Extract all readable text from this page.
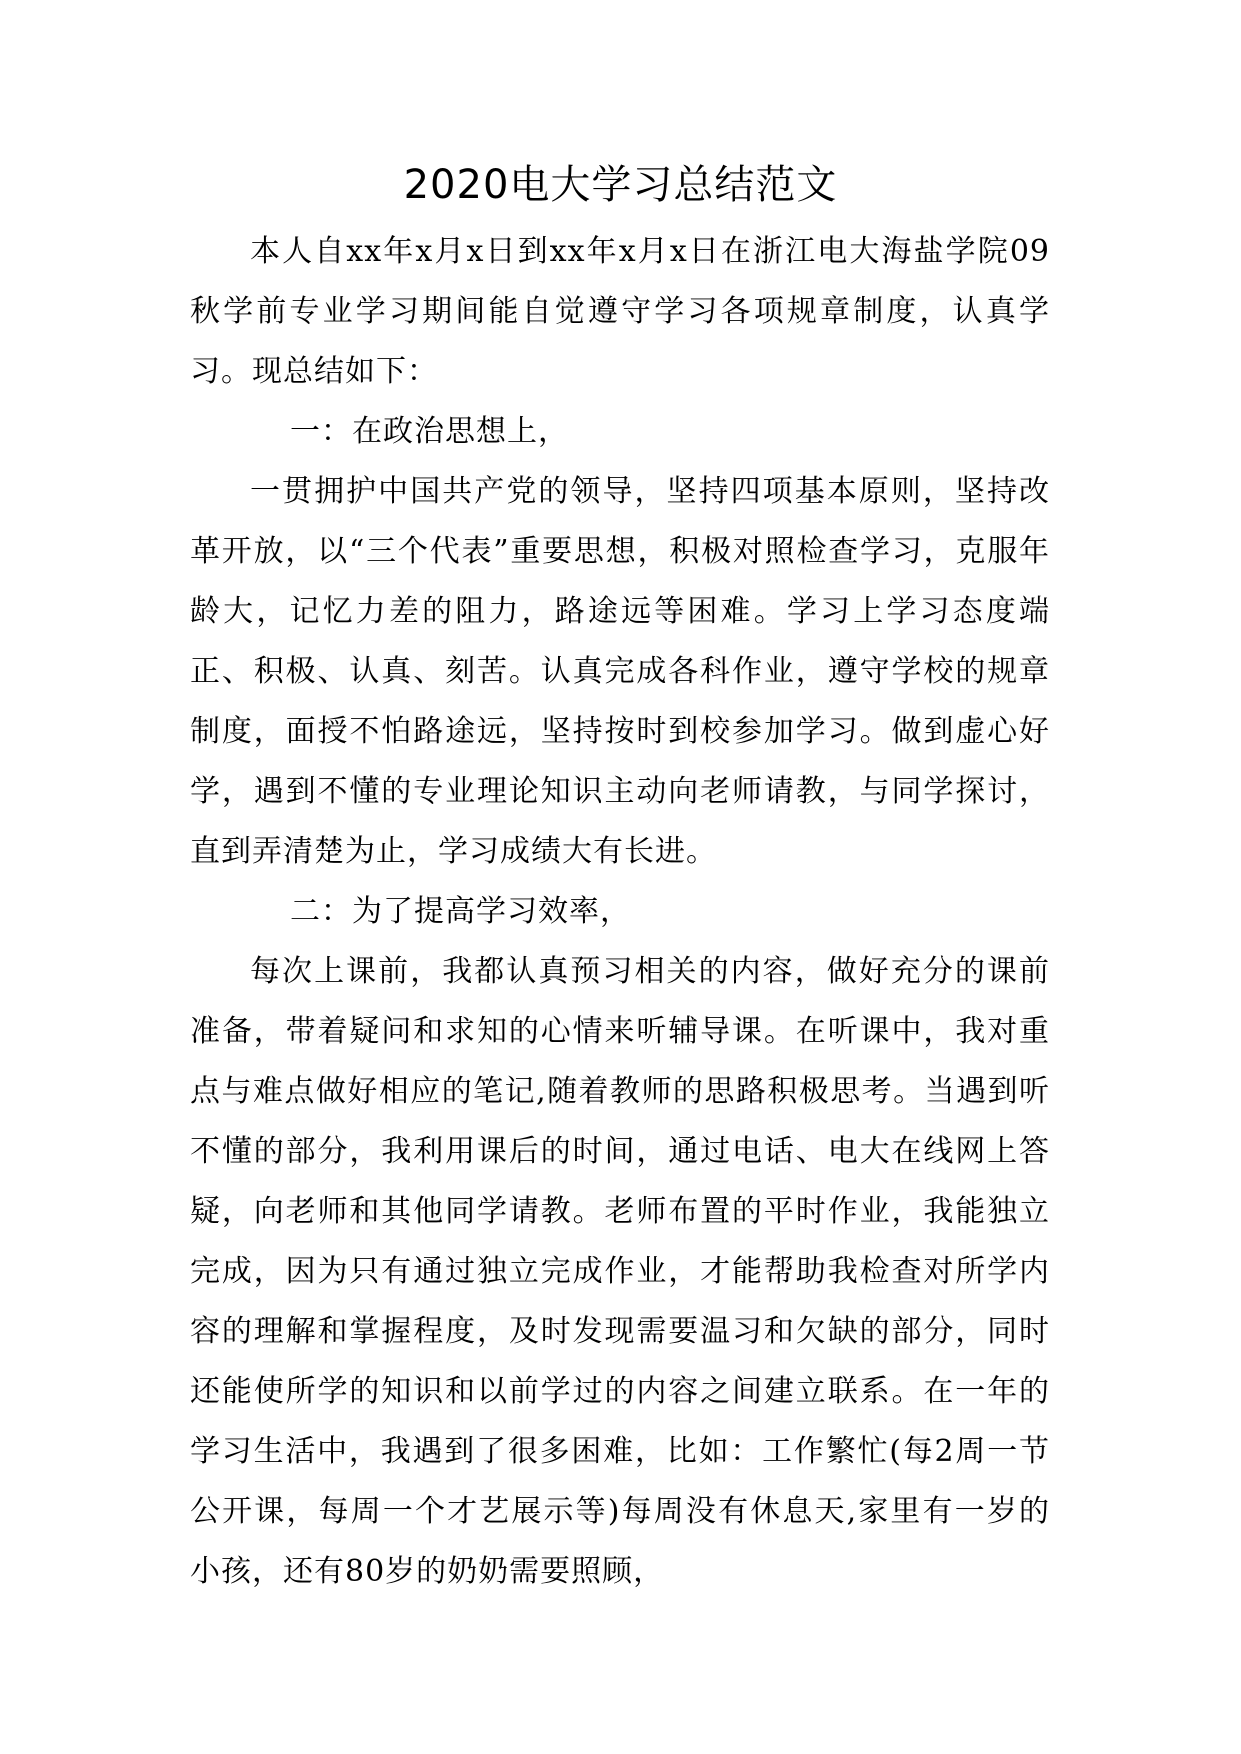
2020电大学习总结范文

本人自xx年x月x日到xx年x月x日在浙江电大海盐学院09秋学前专业学习期间能自觉遵守学习各项规章制度，认真学习。现总结如下：

一：在政治思想上，

一贯拥护中国共产党的领导，坚持四项基本原则，坚持改革开放，以“三个代表”重要思想，积极对照检查学习，克服年龄大，记忆力差的阻力，路途远等困难。学习上学习态度端正、积极、认真、刻苦。认真完成各科作业，遵守学校的规章制度，面授不怕路途远，坚持按时到校参加学习。做到虚心好学，遇到不懂的专业理论知识主动向老师请教，与同学探讨，直到弄清楚为止，学习成绩大有长进。

二：为了提高学习效率，

每次上课前，我都认真预习相关的内容，做好充分的课前准备，带着疑问和求知的心情来听辅导课。在听课中，我对重点与难点做好相应的笔记,随着教师的思路积极思考。当遇到听不懂的部分，我利用课后的时间，通过电话、电大在线网上答疑，向老师和其他同学请教。老师布置的平时作业，我能独立完成，因为只有通过独立完成作业，才能帮助我检查对所学内容的理解和掌握程度，及时发现需要温习和欠缺的部分，同时还能使所学的知识和以前学过的内容之间建立联系。在一年的学习生活中，我遇到了很多困难，比如：工作繁忙(每2周一节公开课，每周一个才艺展示等)每周没有休息天,家里有一岁的小孩，还有80岁的奶奶需要照顾，
